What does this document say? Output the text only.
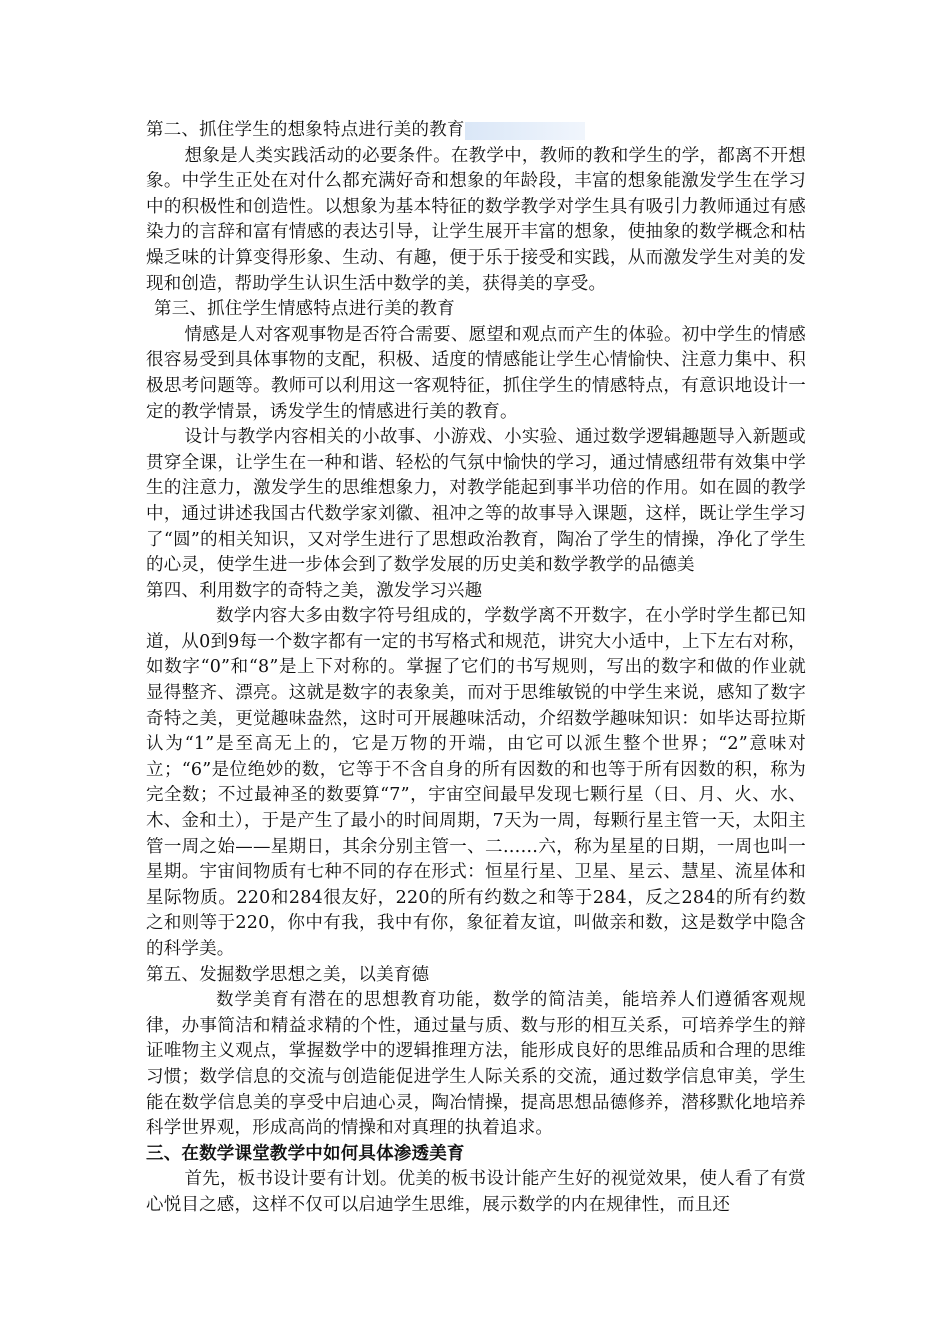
第二、抓住学生的想象特点进行美的教育

想象是人类实践活动的必要条件。在教学中，教师的教和学生的学，都离不开想象。中学生正处在对什么都充满好奇和想象的年龄段，丰富的想象能激发学生在学习中的积极性和创造性。以想象为基本特征的数学教学对学生具有吸引力教师通过有感染力的言辞和富有情感的表达引导，让学生展开丰富的想象，使抽象的数学概念和枯燥乏味的计算变得形象、生动、有趣，便于乐于接受和实践，从而激发学生对美的发现和创造，帮助学生认识生活中数学的美，获得美的享受。

第三、抓住学生情感特点进行美的教育

情感是人对客观事物是否符合需要、愿望和观点而产生的体验。初中学生的情感很容易受到具体事物的支配，积极、适度的情感能让学生心情愉快、注意力集中、积极思考问题等。教师可以利用这一客观特征，抓住学生的情感特点，有意识地设计一定的教学情景，诱发学生的情感进行美的教育。

设计与教学内容相关的小故事、小游戏、小实验、通过数学逻辑趣题导入新题或贯穿全课，让学生在一种和谐、轻松的气氛中愉快的学习，通过情感纽带有效集中学生的注意力，激发学生的思维想象力，对教学能起到事半功倍的作用。如在圆的教学中，通过讲述我国古代数学家刘徽、祖冲之等的故事导入课题，这样，既让学生学习了“圆”的相关知识，又对学生进行了思想政治教育，陶冶了学生的情操，净化了学生的心灵，使学生进一步体会到了数学发展的历史美和数学教学的品德美

第四、利用数字的奇特之美，激发学习兴趣

数学内容大多由数字符号组成的，学数学离不开数字，在小学时学生都已知道，从0到9每一个数字都有一定的书写格式和规范，讲究大小适中，上下左右对称，如数字“0”和“8”是上下对称的。掌握了它们的书写规则，写出的数字和做的作业就显得整齐、漂亮。这就是数字的表象美，而对于思维敏锐的中学生来说，感知了数字奇特之美，更觉趣味盎然，这时可开展趣味活动，介绍数学趣味知识：如毕达哥拉斯认为“1”是至高无上的，它是万物的开端，由它可以派生整个世界；“2”意味对立；“6”是位绝妙的数，它等于不含自身的所有因数的和也等于所有因数的积，称为完全数；不过最神圣的数要算“7”，宇宙空间最早发现七颗行星（日、月、火、水、木、金和土），于是产生了最小的时间周期，7天为一周，每颗行星主管一天，太阳主管一周之始——星期日，其余分别主管一、二……六，称为星星的日期，一周也叫一星期。宇宙间物质有七种不同的存在形式：恒星行星、卫星、星云、慧星、流星体和星际物质。220和284很友好，220的所有约数之和等于284，反之284的所有约数之和则等于220，你中有我，我中有你，象征着友谊，叫做亲和数，这是数学中隐含的科学美。

第五、发掘数学思想之美，以美育德

数学美育有潜在的思想教育功能，数学的简洁美，能培养人们遵循客观规律，办事简洁和精益求精的个性，通过量与质、数与形的相互关系，可培养学生的辩证唯物主义观点，掌握数学中的逻辑推理方法，能形成良好的思维品质和合理的思维习惯；数学信息的交流与创造能促进学生人际关系的交流，通过数学信息审美，学生能在数学信息美的享受中启迪心灵，陶冶情操，提高思想品德修养，潜移默化地培养科学世界观，形成高尚的情操和对真理的执着追求。

三、在数学课堂教学中如何具体渗透美育

首先，板书设计要有计划。优美的板书设计能产生好的视觉效果，使人看了有赏心悦目之感，这样不仅可以启迪学生思维，展示数学的内在规律性，而且还
